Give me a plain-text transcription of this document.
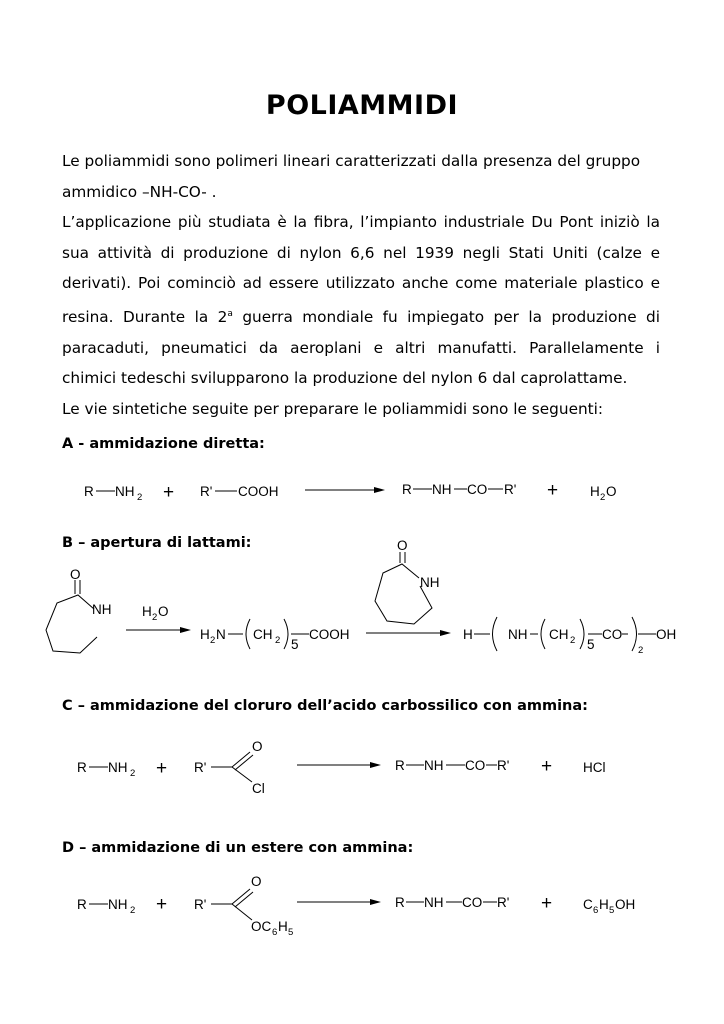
POLIAMMIDI
Le poliammidi sono polimeri lineari caratterizzati dalla presenza del gruppo
ammidico –NH-CO- .
L’applicazione più studiata è la fibra, l’impianto industriale Du Pont iniziò la
sua attività di produzione di nylon 6,6 nel 1939 negli Stati Uniti (calze e
derivati). Poi cominciò ad essere utilizzato anche come materiale plastico e
resina. Durante la 2$^a$ guerra mondiale fu impiegato per la produzione di
paracaduti, pneumatici da aeroplani e altri manufatti. Parallelamente i
chimici tedeschi svilupparono la produzione del nylon 6 dal caprolattame.
Le vie sintetiche seguite per preparare le poliammidi sono le seguenti:
A - ammidazione diretta:
R NH 2 + R' COOH	R NH CO R' + H 2 O
B – apertura di lattami:
O
NH H 2 O
H 2 N CH 2 5
COOH
O
NH
H	NH CH 2 5
CO
2
OH
C – ammidazione del cloruro dell’acido carbossilico con ammina:
R NH 2 + R'
O
Cl
R NH CO R' + HCl
D – ammidazione di un estere con ammina:
R NH 2 + R'
O
OC 6 H 5
R NH CO R' + C 6 H 5 OH
